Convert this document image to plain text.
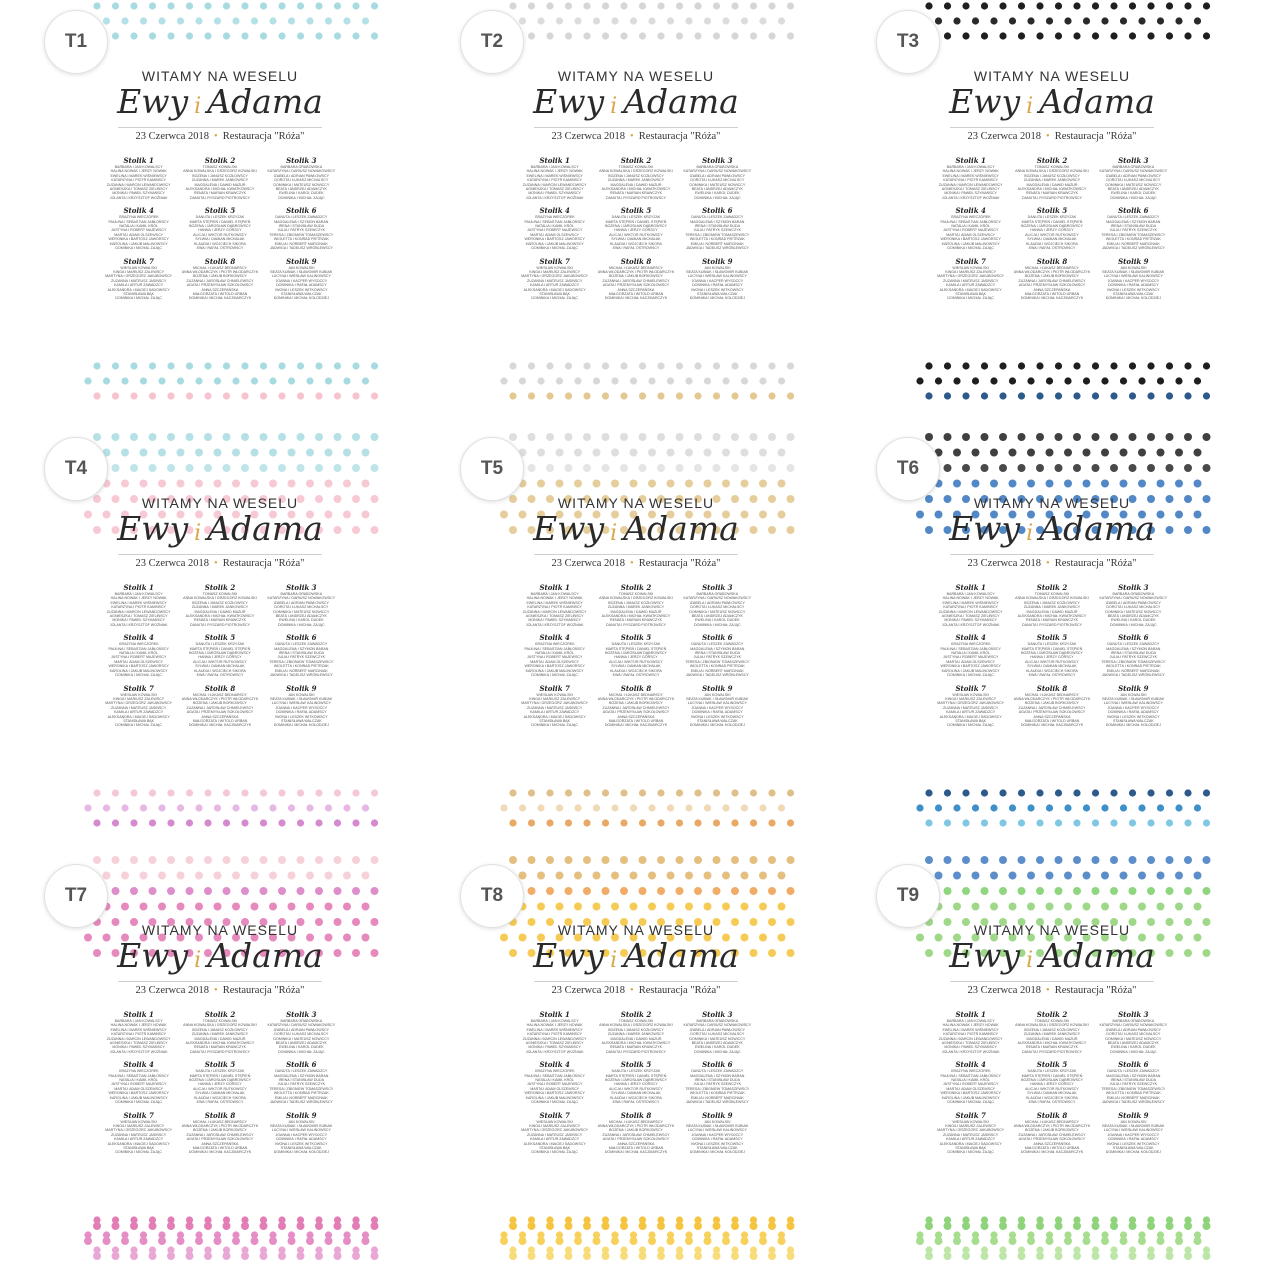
T1
WITAMY NA WESELU
Ewy i Adama
23 Czerwca 2018 • Restauracja "Róża"
Stolik 1
BARBARA I JAN KOWALSCY
HALINA NOWAK I JERZY NOWAK
EWELINA I MAREK WIŚNIEWSCY
KATARZYNA I PIOTR KAMIŃSCY
ZUZANNA I MARCIN LEWANDOWSCY
AGNIESZKA I TOMASZ ZIELIŃSCY
MONIKA I PAWEŁ SZYMAŃSCY
JOLANTA I KRZYSZTOF WOŹNIAK
Stolik 2
TOMASZ KOWALSKI
ANNA KOWALSKA I GRZEGORZ KOWALSKI
BOŻENA I JANUSZ KOZŁOWSCY
ZUZANNA I MAREK JANKOWSCY
MAGDALENA I DAWID MAZUR
ALEKSANDRA I MICHAŁ KWIATKOWSCY
RENATA I MARIAN KRAWCZYK
DANUTA I RYSZARD PIOTROWSCY
Stolik 3
BARBARA GRABOWSKA
KATARZYNA I DARIUSZ NOWAKOWSCY
IZABELA I ADRIAN PAWŁOWSCY
DOROTA I ŁUKASZ MICHALSCY
DOMINIKA I MATEUSZ NOWICCY
BEATA I ANDRZEJ ADAMCZYK
EWELINA I KAROL DUDEK
DOMINIKA I MICHAŁ ZAJĄC
Stolik 4
GRAŻYNA WIECZOREK
PAULINA I SEBASTIAN JABŁOŃSCY
NATALIA I KAMIL KRÓL
JUSTYNA I ROBERT MAJEWSCY
MARTA I ADAM OLSZEWSCY
WERONIKA I BARTOSZ JAWORSCY
KAROLINA I JAKUB MALINOWSCY
DOMINIKA I MICHAŁ ZAJĄC
Stolik 5
DANUTA I LESZEK KRZYŻAK
MARTA STĘPIEŃ I DANIEL STĘPIEŃ
BOŻENA I JAROSŁAW DĄBROWSCY
HANNA I JERZY GÓRSCY
ALICJA I WIKTOR RUTKOWSCY
SYLWIA I DAMIAN MICHALAK
KLAUDIA I WOJCIECH SIKORA
EWA I RAFAŁ OSTROWSCY
Stolik 6
DANUTA I LESZEK ZAWADZCY
MAGDALENA I SZYMON BARAN
IRENA I STANISŁAW DUDA
JULIA I PATRYK SZEWCZYK
TERESA I ZBIGNIEW TOMASZEWSCY
WIOLETTA I KONRAD PIETRZAK
EMILIA I NORBERT MARCINIAK
JADWIGA I TADEUSZ WRÓBLEWSCY
Stolik 7
WIESŁAW KOWALSKI
KINGA I MARIUSZ ZALEWSCY
MARTYNA I GRZEGORZ JAKUBOWSCY
ZUZANNA I MATEUSZ JASIŃSCY
KAMILA I ARTUR ZAWADZCY
ALEKSANDRA I MACIEJ SADOWSCY
STANISŁAWA BĄK
DOMINIKA I MICHAŁ ZAJĄC
Stolik 8
MICHAŁ I ŁUKASZ BEDNARSCY
ANNA WŁODARCZYK I PIOTR WŁODARCZYK
BOŻENA I JAKUB BORKOWSCY
ZUZANNA I JAROSŁAW CHMIELEWSCY
AGATA I PRZEMYSŁAW SOKOŁOWSCY
ANNA SZCZEPAŃSKA
MAŁGORZATA I WITOLD URBAN
DOMINIKA I MICHAŁ KACZMARCZYK
Stolik 9
JAN KOWALSKI
BEATA KUBIAK I SŁAWOMIR KUBIAK
LUCYNA I WIESŁAW KALINOWSCY
JOANNA I KACPER WYSOCCY
DOMINIKA I RAFAŁ ADAMSCY
IWONA I LESZEK WITKOWSCY
STANISŁAWA WALCZAK
DOMINIKA I MICHAŁ KOŁODZIEJ
T2
WITAMY NA WESELU
Ewy i Adama
23 Czerwca 2018 • Restauracja "Róża"
Stolik 1
BARBARA I JAN KOWALSCY
HALINA NOWAK I JERZY NOWAK
EWELINA I MAREK WIŚNIEWSCY
KATARZYNA I PIOTR KAMIŃSCY
ZUZANNA I MARCIN LEWANDOWSCY
AGNIESZKA I TOMASZ ZIELIŃSCY
MONIKA I PAWEŁ SZYMAŃSCY
JOLANTA I KRZYSZTOF WOŹNIAK
Stolik 2
TOMASZ KOWALSKI
ANNA KOWALSKA I GRZEGORZ KOWALSKI
BOŻENA I JANUSZ KOZŁOWSCY
ZUZANNA I MAREK JANKOWSCY
MAGDALENA I DAWID MAZUR
ALEKSANDRA I MICHAŁ KWIATKOWSCY
RENATA I MARIAN KRAWCZYK
DANUTA I RYSZARD PIOTROWSCY
Stolik 3
BARBARA GRABOWSKA
KATARZYNA I DARIUSZ NOWAKOWSCY
IZABELA I ADRIAN PAWŁOWSCY
DOROTA I ŁUKASZ MICHALSCY
DOMINIKA I MATEUSZ NOWICCY
BEATA I ANDRZEJ ADAMCZYK
EWELINA I KAROL DUDEK
DOMINIKA I MICHAŁ ZAJĄC
Stolik 4
GRAŻYNA WIECZOREK
PAULINA I SEBASTIAN JABŁOŃSCY
NATALIA I KAMIL KRÓL
JUSTYNA I ROBERT MAJEWSCY
MARTA I ADAM OLSZEWSCY
WERONIKA I BARTOSZ JAWORSCY
KAROLINA I JAKUB MALINOWSCY
DOMINIKA I MICHAŁ ZAJĄC
Stolik 5
DANUTA I LESZEK KRZYŻAK
MARTA STĘPIEŃ I DANIEL STĘPIEŃ
BOŻENA I JAROSŁAW DĄBROWSCY
HANNA I JERZY GÓRSCY
ALICJA I WIKTOR RUTKOWSCY
SYLWIA I DAMIAN MICHALAK
KLAUDIA I WOJCIECH SIKORA
EWA I RAFAŁ OSTROWSCY
Stolik 6
DANUTA I LESZEK ZAWADZCY
MAGDALENA I SZYMON BARAN
IRENA I STANISŁAW DUDA
JULIA I PATRYK SZEWCZYK
TERESA I ZBIGNIEW TOMASZEWSCY
WIOLETTA I KONRAD PIETRZAK
EMILIA I NORBERT MARCINIAK
JADWIGA I TADEUSZ WRÓBLEWSCY
Stolik 7
WIESŁAW KOWALSKI
KINGA I MARIUSZ ZALEWSCY
MARTYNA I GRZEGORZ JAKUBOWSCY
ZUZANNA I MATEUSZ JASIŃSCY
KAMILA I ARTUR ZAWADZCY
ALEKSANDRA I MACIEJ SADOWSCY
STANISŁAWA BĄK
DOMINIKA I MICHAŁ ZAJĄC
Stolik 8
MICHAŁ I ŁUKASZ BEDNARSCY
ANNA WŁODARCZYK I PIOTR WŁODARCZYK
BOŻENA I JAKUB BORKOWSCY
ZUZANNA I JAROSŁAW CHMIELEWSCY
AGATA I PRZEMYSŁAW SOKOŁOWSCY
ANNA SZCZEPAŃSKA
MAŁGORZATA I WITOLD URBAN
DOMINIKA I MICHAŁ KACZMARCZYK
Stolik 9
JAN KOWALSKI
BEATA KUBIAK I SŁAWOMIR KUBIAK
LUCYNA I WIESŁAW KALINOWSCY
JOANNA I KACPER WYSOCCY
DOMINIKA I RAFAŁ ADAMSCY
IWONA I LESZEK WITKOWSCY
STANISŁAWA WALCZAK
DOMINIKA I MICHAŁ KOŁODZIEJ
T3
WITAMY NA WESELU
Ewy i Adama
23 Czerwca 2018 • Restauracja "Róża"
Stolik 1
BARBARA I JAN KOWALSCY
HALINA NOWAK I JERZY NOWAK
EWELINA I MAREK WIŚNIEWSCY
KATARZYNA I PIOTR KAMIŃSCY
ZUZANNA I MARCIN LEWANDOWSCY
AGNIESZKA I TOMASZ ZIELIŃSCY
MONIKA I PAWEŁ SZYMAŃSCY
JOLANTA I KRZYSZTOF WOŹNIAK
Stolik 2
TOMASZ KOWALSKI
ANNA KOWALSKA I GRZEGORZ KOWALSKI
BOŻENA I JANUSZ KOZŁOWSCY
ZUZANNA I MAREK JANKOWSCY
MAGDALENA I DAWID MAZUR
ALEKSANDRA I MICHAŁ KWIATKOWSCY
RENATA I MARIAN KRAWCZYK
DANUTA I RYSZARD PIOTROWSCY
Stolik 3
BARBARA GRABOWSKA
KATARZYNA I DARIUSZ NOWAKOWSCY
IZABELA I ADRIAN PAWŁOWSCY
DOROTA I ŁUKASZ MICHALSCY
DOMINIKA I MATEUSZ NOWICCY
BEATA I ANDRZEJ ADAMCZYK
EWELINA I KAROL DUDEK
DOMINIKA I MICHAŁ ZAJĄC
Stolik 4
GRAŻYNA WIECZOREK
PAULINA I SEBASTIAN JABŁOŃSCY
NATALIA I KAMIL KRÓL
JUSTYNA I ROBERT MAJEWSCY
MARTA I ADAM OLSZEWSCY
WERONIKA I BARTOSZ JAWORSCY
KAROLINA I JAKUB MALINOWSCY
DOMINIKA I MICHAŁ ZAJĄC
Stolik 5
DANUTA I LESZEK KRZYŻAK
MARTA STĘPIEŃ I DANIEL STĘPIEŃ
BOŻENA I JAROSŁAW DĄBROWSCY
HANNA I JERZY GÓRSCY
ALICJA I WIKTOR RUTKOWSCY
SYLWIA I DAMIAN MICHALAK
KLAUDIA I WOJCIECH SIKORA
EWA I RAFAŁ OSTROWSCY
Stolik 6
DANUTA I LESZEK ZAWADZCY
MAGDALENA I SZYMON BARAN
IRENA I STANISŁAW DUDA
JULIA I PATRYK SZEWCZYK
TERESA I ZBIGNIEW TOMASZEWSCY
WIOLETTA I KONRAD PIETRZAK
EMILIA I NORBERT MARCINIAK
JADWIGA I TADEUSZ WRÓBLEWSCY
Stolik 7
WIESŁAW KOWALSKI
KINGA I MARIUSZ ZALEWSCY
MARTYNA I GRZEGORZ JAKUBOWSCY
ZUZANNA I MATEUSZ JASIŃSCY
KAMILA I ARTUR ZAWADZCY
ALEKSANDRA I MACIEJ SADOWSCY
STANISŁAWA BĄK
DOMINIKA I MICHAŁ ZAJĄC
Stolik 8
MICHAŁ I ŁUKASZ BEDNARSCY
ANNA WŁODARCZYK I PIOTR WŁODARCZYK
BOŻENA I JAKUB BORKOWSCY
ZUZANNA I JAROSŁAW CHMIELEWSCY
AGATA I PRZEMYSŁAW SOKOŁOWSCY
ANNA SZCZEPAŃSKA
MAŁGORZATA I WITOLD URBAN
DOMINIKA I MICHAŁ KACZMARCZYK
Stolik 9
JAN KOWALSKI
BEATA KUBIAK I SŁAWOMIR KUBIAK
LUCYNA I WIESŁAW KALINOWSCY
JOANNA I KACPER WYSOCCY
DOMINIKA I RAFAŁ ADAMSCY
IWONA I LESZEK WITKOWSCY
STANISŁAWA WALCZAK
DOMINIKA I MICHAŁ KOŁODZIEJ
T4
WITAMY NA WESELU
Ewy i Adama
23 Czerwca 2018 • Restauracja "Róża"
Stolik 1
BARBARA I JAN KOWALSCY
HALINA NOWAK I JERZY NOWAK
EWELINA I MAREK WIŚNIEWSCY
KATARZYNA I PIOTR KAMIŃSCY
ZUZANNA I MARCIN LEWANDOWSCY
AGNIESZKA I TOMASZ ZIELIŃSCY
MONIKA I PAWEŁ SZYMAŃSCY
JOLANTA I KRZYSZTOF WOŹNIAK
Stolik 2
TOMASZ KOWALSKI
ANNA KOWALSKA I GRZEGORZ KOWALSKI
BOŻENA I JANUSZ KOZŁOWSCY
ZUZANNA I MAREK JANKOWSCY
MAGDALENA I DAWID MAZUR
ALEKSANDRA I MICHAŁ KWIATKOWSCY
RENATA I MARIAN KRAWCZYK
DANUTA I RYSZARD PIOTROWSCY
Stolik 3
BARBARA GRABOWSKA
KATARZYNA I DARIUSZ NOWAKOWSCY
IZABELA I ADRIAN PAWŁOWSCY
DOROTA I ŁUKASZ MICHALSCY
DOMINIKA I MATEUSZ NOWICCY
BEATA I ANDRZEJ ADAMCZYK
EWELINA I KAROL DUDEK
DOMINIKA I MICHAŁ ZAJĄC
Stolik 4
GRAŻYNA WIECZOREK
PAULINA I SEBASTIAN JABŁOŃSCY
NATALIA I KAMIL KRÓL
JUSTYNA I ROBERT MAJEWSCY
MARTA I ADAM OLSZEWSCY
WERONIKA I BARTOSZ JAWORSCY
KAROLINA I JAKUB MALINOWSCY
DOMINIKA I MICHAŁ ZAJĄC
Stolik 5
DANUTA I LESZEK KRZYŻAK
MARTA STĘPIEŃ I DANIEL STĘPIEŃ
BOŻENA I JAROSŁAW DĄBROWSCY
HANNA I JERZY GÓRSCY
ALICJA I WIKTOR RUTKOWSCY
SYLWIA I DAMIAN MICHALAK
KLAUDIA I WOJCIECH SIKORA
EWA I RAFAŁ OSTROWSCY
Stolik 6
DANUTA I LESZEK ZAWADZCY
MAGDALENA I SZYMON BARAN
IRENA I STANISŁAW DUDA
JULIA I PATRYK SZEWCZYK
TERESA I ZBIGNIEW TOMASZEWSCY
WIOLETTA I KONRAD PIETRZAK
EMILIA I NORBERT MARCINIAK
JADWIGA I TADEUSZ WRÓBLEWSCY
Stolik 7
WIESŁAW KOWALSKI
KINGA I MARIUSZ ZALEWSCY
MARTYNA I GRZEGORZ JAKUBOWSCY
ZUZANNA I MATEUSZ JASIŃSCY
KAMILA I ARTUR ZAWADZCY
ALEKSANDRA I MACIEJ SADOWSCY
STANISŁAWA BĄK
DOMINIKA I MICHAŁ ZAJĄC
Stolik 8
MICHAŁ I ŁUKASZ BEDNARSCY
ANNA WŁODARCZYK I PIOTR WŁODARCZYK
BOŻENA I JAKUB BORKOWSCY
ZUZANNA I JAROSŁAW CHMIELEWSCY
AGATA I PRZEMYSŁAW SOKOŁOWSCY
ANNA SZCZEPAŃSKA
MAŁGORZATA I WITOLD URBAN
DOMINIKA I MICHAŁ KACZMARCZYK
Stolik 9
JAN KOWALSKI
BEATA KUBIAK I SŁAWOMIR KUBIAK
LUCYNA I WIESŁAW KALINOWSCY
JOANNA I KACPER WYSOCCY
DOMINIKA I RAFAŁ ADAMSCY
IWONA I LESZEK WITKOWSCY
STANISŁAWA WALCZAK
DOMINIKA I MICHAŁ KOŁODZIEJ
T5
WITAMY NA WESELU
Ewy i Adama
23 Czerwca 2018 • Restauracja "Róża"
Stolik 1
BARBARA I JAN KOWALSCY
HALINA NOWAK I JERZY NOWAK
EWELINA I MAREK WIŚNIEWSCY
KATARZYNA I PIOTR KAMIŃSCY
ZUZANNA I MARCIN LEWANDOWSCY
AGNIESZKA I TOMASZ ZIELIŃSCY
MONIKA I PAWEŁ SZYMAŃSCY
JOLANTA I KRZYSZTOF WOŹNIAK
Stolik 2
TOMASZ KOWALSKI
ANNA KOWALSKA I GRZEGORZ KOWALSKI
BOŻENA I JANUSZ KOZŁOWSCY
ZUZANNA I MAREK JANKOWSCY
MAGDALENA I DAWID MAZUR
ALEKSANDRA I MICHAŁ KWIATKOWSCY
RENATA I MARIAN KRAWCZYK
DANUTA I RYSZARD PIOTROWSCY
Stolik 3
BARBARA GRABOWSKA
KATARZYNA I DARIUSZ NOWAKOWSCY
IZABELA I ADRIAN PAWŁOWSCY
DOROTA I ŁUKASZ MICHALSCY
DOMINIKA I MATEUSZ NOWICCY
BEATA I ANDRZEJ ADAMCZYK
EWELINA I KAROL DUDEK
DOMINIKA I MICHAŁ ZAJĄC
Stolik 4
GRAŻYNA WIECZOREK
PAULINA I SEBASTIAN JABŁOŃSCY
NATALIA I KAMIL KRÓL
JUSTYNA I ROBERT MAJEWSCY
MARTA I ADAM OLSZEWSCY
WERONIKA I BARTOSZ JAWORSCY
KAROLINA I JAKUB MALINOWSCY
DOMINIKA I MICHAŁ ZAJĄC
Stolik 5
DANUTA I LESZEK KRZYŻAK
MARTA STĘPIEŃ I DANIEL STĘPIEŃ
BOŻENA I JAROSŁAW DĄBROWSCY
HANNA I JERZY GÓRSCY
ALICJA I WIKTOR RUTKOWSCY
SYLWIA I DAMIAN MICHALAK
KLAUDIA I WOJCIECH SIKORA
EWA I RAFAŁ OSTROWSCY
Stolik 6
DANUTA I LESZEK ZAWADZCY
MAGDALENA I SZYMON BARAN
IRENA I STANISŁAW DUDA
JULIA I PATRYK SZEWCZYK
TERESA I ZBIGNIEW TOMASZEWSCY
WIOLETTA I KONRAD PIETRZAK
EMILIA I NORBERT MARCINIAK
JADWIGA I TADEUSZ WRÓBLEWSCY
Stolik 7
WIESŁAW KOWALSKI
KINGA I MARIUSZ ZALEWSCY
MARTYNA I GRZEGORZ JAKUBOWSCY
ZUZANNA I MATEUSZ JASIŃSCY
KAMILA I ARTUR ZAWADZCY
ALEKSANDRA I MACIEJ SADOWSCY
STANISŁAWA BĄK
DOMINIKA I MICHAŁ ZAJĄC
Stolik 8
MICHAŁ I ŁUKASZ BEDNARSCY
ANNA WŁODARCZYK I PIOTR WŁODARCZYK
BOŻENA I JAKUB BORKOWSCY
ZUZANNA I JAROSŁAW CHMIELEWSCY
AGATA I PRZEMYSŁAW SOKOŁOWSCY
ANNA SZCZEPAŃSKA
MAŁGORZATA I WITOLD URBAN
DOMINIKA I MICHAŁ KACZMARCZYK
Stolik 9
JAN KOWALSKI
BEATA KUBIAK I SŁAWOMIR KUBIAK
LUCYNA I WIESŁAW KALINOWSCY
JOANNA I KACPER WYSOCCY
DOMINIKA I RAFAŁ ADAMSCY
IWONA I LESZEK WITKOWSCY
STANISŁAWA WALCZAK
DOMINIKA I MICHAŁ KOŁODZIEJ
T6
WITAMY NA WESELU
Ewy i Adama
23 Czerwca 2018 • Restauracja "Róża"
Stolik 1
BARBARA I JAN KOWALSCY
HALINA NOWAK I JERZY NOWAK
EWELINA I MAREK WIŚNIEWSCY
KATARZYNA I PIOTR KAMIŃSCY
ZUZANNA I MARCIN LEWANDOWSCY
AGNIESZKA I TOMASZ ZIELIŃSCY
MONIKA I PAWEŁ SZYMAŃSCY
JOLANTA I KRZYSZTOF WOŹNIAK
Stolik 2
TOMASZ KOWALSKI
ANNA KOWALSKA I GRZEGORZ KOWALSKI
BOŻENA I JANUSZ KOZŁOWSCY
ZUZANNA I MAREK JANKOWSCY
MAGDALENA I DAWID MAZUR
ALEKSANDRA I MICHAŁ KWIATKOWSCY
RENATA I MARIAN KRAWCZYK
DANUTA I RYSZARD PIOTROWSCY
Stolik 3
BARBARA GRABOWSKA
KATARZYNA I DARIUSZ NOWAKOWSCY
IZABELA I ADRIAN PAWŁOWSCY
DOROTA I ŁUKASZ MICHALSCY
DOMINIKA I MATEUSZ NOWICCY
BEATA I ANDRZEJ ADAMCZYK
EWELINA I KAROL DUDEK
DOMINIKA I MICHAŁ ZAJĄC
Stolik 4
GRAŻYNA WIECZOREK
PAULINA I SEBASTIAN JABŁOŃSCY
NATALIA I KAMIL KRÓL
JUSTYNA I ROBERT MAJEWSCY
MARTA I ADAM OLSZEWSCY
WERONIKA I BARTOSZ JAWORSCY
KAROLINA I JAKUB MALINOWSCY
DOMINIKA I MICHAŁ ZAJĄC
Stolik 5
DANUTA I LESZEK KRZYŻAK
MARTA STĘPIEŃ I DANIEL STĘPIEŃ
BOŻENA I JAROSŁAW DĄBROWSCY
HANNA I JERZY GÓRSCY
ALICJA I WIKTOR RUTKOWSCY
SYLWIA I DAMIAN MICHALAK
KLAUDIA I WOJCIECH SIKORA
EWA I RAFAŁ OSTROWSCY
Stolik 6
DANUTA I LESZEK ZAWADZCY
MAGDALENA I SZYMON BARAN
IRENA I STANISŁAW DUDA
JULIA I PATRYK SZEWCZYK
TERESA I ZBIGNIEW TOMASZEWSCY
WIOLETTA I KONRAD PIETRZAK
EMILIA I NORBERT MARCINIAK
JADWIGA I TADEUSZ WRÓBLEWSCY
Stolik 7
WIESŁAW KOWALSKI
KINGA I MARIUSZ ZALEWSCY
MARTYNA I GRZEGORZ JAKUBOWSCY
ZUZANNA I MATEUSZ JASIŃSCY
KAMILA I ARTUR ZAWADZCY
ALEKSANDRA I MACIEJ SADOWSCY
STANISŁAWA BĄK
DOMINIKA I MICHAŁ ZAJĄC
Stolik 8
MICHAŁ I ŁUKASZ BEDNARSCY
ANNA WŁODARCZYK I PIOTR WŁODARCZYK
BOŻENA I JAKUB BORKOWSCY
ZUZANNA I JAROSŁAW CHMIELEWSCY
AGATA I PRZEMYSŁAW SOKOŁOWSCY
ANNA SZCZEPAŃSKA
MAŁGORZATA I WITOLD URBAN
DOMINIKA I MICHAŁ KACZMARCZYK
Stolik 9
JAN KOWALSKI
BEATA KUBIAK I SŁAWOMIR KUBIAK
LUCYNA I WIESŁAW KALINOWSCY
JOANNA I KACPER WYSOCCY
DOMINIKA I RAFAŁ ADAMSCY
IWONA I LESZEK WITKOWSCY
STANISŁAWA WALCZAK
DOMINIKA I MICHAŁ KOŁODZIEJ
T7
WITAMY NA WESELU
Ewy i Adama
23 Czerwca 2018 • Restauracja "Róża"
Stolik 1
BARBARA I JAN KOWALSCY
HALINA NOWAK I JERZY NOWAK
EWELINA I MAREK WIŚNIEWSCY
KATARZYNA I PIOTR KAMIŃSCY
ZUZANNA I MARCIN LEWANDOWSCY
AGNIESZKA I TOMASZ ZIELIŃSCY
MONIKA I PAWEŁ SZYMAŃSCY
JOLANTA I KRZYSZTOF WOŹNIAK
Stolik 2
TOMASZ KOWALSKI
ANNA KOWALSKA I GRZEGORZ KOWALSKI
BOŻENA I JANUSZ KOZŁOWSCY
ZUZANNA I MAREK JANKOWSCY
MAGDALENA I DAWID MAZUR
ALEKSANDRA I MICHAŁ KWIATKOWSCY
RENATA I MARIAN KRAWCZYK
DANUTA I RYSZARD PIOTROWSCY
Stolik 3
BARBARA GRABOWSKA
KATARZYNA I DARIUSZ NOWAKOWSCY
IZABELA I ADRIAN PAWŁOWSCY
DOROTA I ŁUKASZ MICHALSCY
DOMINIKA I MATEUSZ NOWICCY
BEATA I ANDRZEJ ADAMCZYK
EWELINA I KAROL DUDEK
DOMINIKA I MICHAŁ ZAJĄC
Stolik 4
GRAŻYNA WIECZOREK
PAULINA I SEBASTIAN JABŁOŃSCY
NATALIA I KAMIL KRÓL
JUSTYNA I ROBERT MAJEWSCY
MARTA I ADAM OLSZEWSCY
WERONIKA I BARTOSZ JAWORSCY
KAROLINA I JAKUB MALINOWSCY
DOMINIKA I MICHAŁ ZAJĄC
Stolik 5
DANUTA I LESZEK KRZYŻAK
MARTA STĘPIEŃ I DANIEL STĘPIEŃ
BOŻENA I JAROSŁAW DĄBROWSCY
HANNA I JERZY GÓRSCY
ALICJA I WIKTOR RUTKOWSCY
SYLWIA I DAMIAN MICHALAK
KLAUDIA I WOJCIECH SIKORA
EWA I RAFAŁ OSTROWSCY
Stolik 6
DANUTA I LESZEK ZAWADZCY
MAGDALENA I SZYMON BARAN
IRENA I STANISŁAW DUDA
JULIA I PATRYK SZEWCZYK
TERESA I ZBIGNIEW TOMASZEWSCY
WIOLETTA I KONRAD PIETRZAK
EMILIA I NORBERT MARCINIAK
JADWIGA I TADEUSZ WRÓBLEWSCY
Stolik 7
WIESŁAW KOWALSKI
KINGA I MARIUSZ ZALEWSCY
MARTYNA I GRZEGORZ JAKUBOWSCY
ZUZANNA I MATEUSZ JASIŃSCY
KAMILA I ARTUR ZAWADZCY
ALEKSANDRA I MACIEJ SADOWSCY
STANISŁAWA BĄK
DOMINIKA I MICHAŁ ZAJĄC
Stolik 8
MICHAŁ I ŁUKASZ BEDNARSCY
ANNA WŁODARCZYK I PIOTR WŁODARCZYK
BOŻENA I JAKUB BORKOWSCY
ZUZANNA I JAROSŁAW CHMIELEWSCY
AGATA I PRZEMYSŁAW SOKOŁOWSCY
ANNA SZCZEPAŃSKA
MAŁGORZATA I WITOLD URBAN
DOMINIKA I MICHAŁ KACZMARCZYK
Stolik 9
JAN KOWALSKI
BEATA KUBIAK I SŁAWOMIR KUBIAK
LUCYNA I WIESŁAW KALINOWSCY
JOANNA I KACPER WYSOCCY
DOMINIKA I RAFAŁ ADAMSCY
IWONA I LESZEK WITKOWSCY
STANISŁAWA WALCZAK
DOMINIKA I MICHAŁ KOŁODZIEJ
T8
WITAMY NA WESELU
Ewy i Adama
23 Czerwca 2018 • Restauracja "Róża"
Stolik 1
BARBARA I JAN KOWALSCY
HALINA NOWAK I JERZY NOWAK
EWELINA I MAREK WIŚNIEWSCY
KATARZYNA I PIOTR KAMIŃSCY
ZUZANNA I MARCIN LEWANDOWSCY
AGNIESZKA I TOMASZ ZIELIŃSCY
MONIKA I PAWEŁ SZYMAŃSCY
JOLANTA I KRZYSZTOF WOŹNIAK
Stolik 2
TOMASZ KOWALSKI
ANNA KOWALSKA I GRZEGORZ KOWALSKI
BOŻENA I JANUSZ KOZŁOWSCY
ZUZANNA I MAREK JANKOWSCY
MAGDALENA I DAWID MAZUR
ALEKSANDRA I MICHAŁ KWIATKOWSCY
RENATA I MARIAN KRAWCZYK
DANUTA I RYSZARD PIOTROWSCY
Stolik 3
BARBARA GRABOWSKA
KATARZYNA I DARIUSZ NOWAKOWSCY
IZABELA I ADRIAN PAWŁOWSCY
DOROTA I ŁUKASZ MICHALSCY
DOMINIKA I MATEUSZ NOWICCY
BEATA I ANDRZEJ ADAMCZYK
EWELINA I KAROL DUDEK
DOMINIKA I MICHAŁ ZAJĄC
Stolik 4
GRAŻYNA WIECZOREK
PAULINA I SEBASTIAN JABŁOŃSCY
NATALIA I KAMIL KRÓL
JUSTYNA I ROBERT MAJEWSCY
MARTA I ADAM OLSZEWSCY
WERONIKA I BARTOSZ JAWORSCY
KAROLINA I JAKUB MALINOWSCY
DOMINIKA I MICHAŁ ZAJĄC
Stolik 5
DANUTA I LESZEK KRZYŻAK
MARTA STĘPIEŃ I DANIEL STĘPIEŃ
BOŻENA I JAROSŁAW DĄBROWSCY
HANNA I JERZY GÓRSCY
ALICJA I WIKTOR RUTKOWSCY
SYLWIA I DAMIAN MICHALAK
KLAUDIA I WOJCIECH SIKORA
EWA I RAFAŁ OSTROWSCY
Stolik 6
DANUTA I LESZEK ZAWADZCY
MAGDALENA I SZYMON BARAN
IRENA I STANISŁAW DUDA
JULIA I PATRYK SZEWCZYK
TERESA I ZBIGNIEW TOMASZEWSCY
WIOLETTA I KONRAD PIETRZAK
EMILIA I NORBERT MARCINIAK
JADWIGA I TADEUSZ WRÓBLEWSCY
Stolik 7
WIESŁAW KOWALSKI
KINGA I MARIUSZ ZALEWSCY
MARTYNA I GRZEGORZ JAKUBOWSCY
ZUZANNA I MATEUSZ JASIŃSCY
KAMILA I ARTUR ZAWADZCY
ALEKSANDRA I MACIEJ SADOWSCY
STANISŁAWA BĄK
DOMINIKA I MICHAŁ ZAJĄC
Stolik 8
MICHAŁ I ŁUKASZ BEDNARSCY
ANNA WŁODARCZYK I PIOTR WŁODARCZYK
BOŻENA I JAKUB BORKOWSCY
ZUZANNA I JAROSŁAW CHMIELEWSCY
AGATA I PRZEMYSŁAW SOKOŁOWSCY
ANNA SZCZEPAŃSKA
MAŁGORZATA I WITOLD URBAN
DOMINIKA I MICHAŁ KACZMARCZYK
Stolik 9
JAN KOWALSKI
BEATA KUBIAK I SŁAWOMIR KUBIAK
LUCYNA I WIESŁAW KALINOWSCY
JOANNA I KACPER WYSOCCY
DOMINIKA I RAFAŁ ADAMSCY
IWONA I LESZEK WITKOWSCY
STANISŁAWA WALCZAK
DOMINIKA I MICHAŁ KOŁODZIEJ
T9
WITAMY NA WESELU
Ewy i Adama
23 Czerwca 2018 • Restauracja "Róża"
Stolik 1
BARBARA I JAN KOWALSCY
HALINA NOWAK I JERZY NOWAK
EWELINA I MAREK WIŚNIEWSCY
KATARZYNA I PIOTR KAMIŃSCY
ZUZANNA I MARCIN LEWANDOWSCY
AGNIESZKA I TOMASZ ZIELIŃSCY
MONIKA I PAWEŁ SZYMAŃSCY
JOLANTA I KRZYSZTOF WOŹNIAK
Stolik 2
TOMASZ KOWALSKI
ANNA KOWALSKA I GRZEGORZ KOWALSKI
BOŻENA I JANUSZ KOZŁOWSCY
ZUZANNA I MAREK JANKOWSCY
MAGDALENA I DAWID MAZUR
ALEKSANDRA I MICHAŁ KWIATKOWSCY
RENATA I MARIAN KRAWCZYK
DANUTA I RYSZARD PIOTROWSCY
Stolik 3
BARBARA GRABOWSKA
KATARZYNA I DARIUSZ NOWAKOWSCY
IZABELA I ADRIAN PAWŁOWSCY
DOROTA I ŁUKASZ MICHALSCY
DOMINIKA I MATEUSZ NOWICCY
BEATA I ANDRZEJ ADAMCZYK
EWELINA I KAROL DUDEK
DOMINIKA I MICHAŁ ZAJĄC
Stolik 4
GRAŻYNA WIECZOREK
PAULINA I SEBASTIAN JABŁOŃSCY
NATALIA I KAMIL KRÓL
JUSTYNA I ROBERT MAJEWSCY
MARTA I ADAM OLSZEWSCY
WERONIKA I BARTOSZ JAWORSCY
KAROLINA I JAKUB MALINOWSCY
DOMINIKA I MICHAŁ ZAJĄC
Stolik 5
DANUTA I LESZEK KRZYŻAK
MARTA STĘPIEŃ I DANIEL STĘPIEŃ
BOŻENA I JAROSŁAW DĄBROWSCY
HANNA I JERZY GÓRSCY
ALICJA I WIKTOR RUTKOWSCY
SYLWIA I DAMIAN MICHALAK
KLAUDIA I WOJCIECH SIKORA
EWA I RAFAŁ OSTROWSCY
Stolik 6
DANUTA I LESZEK ZAWADZCY
MAGDALENA I SZYMON BARAN
IRENA I STANISŁAW DUDA
JULIA I PATRYK SZEWCZYK
TERESA I ZBIGNIEW TOMASZEWSCY
WIOLETTA I KONRAD PIETRZAK
EMILIA I NORBERT MARCINIAK
JADWIGA I TADEUSZ WRÓBLEWSCY
Stolik 7
WIESŁAW KOWALSKI
KINGA I MARIUSZ ZALEWSCY
MARTYNA I GRZEGORZ JAKUBOWSCY
ZUZANNA I MATEUSZ JASIŃSCY
KAMILA I ARTUR ZAWADZCY
ALEKSANDRA I MACIEJ SADOWSCY
STANISŁAWA BĄK
DOMINIKA I MICHAŁ ZAJĄC
Stolik 8
MICHAŁ I ŁUKASZ BEDNARSCY
ANNA WŁODARCZYK I PIOTR WŁODARCZYK
BOŻENA I JAKUB BORKOWSCY
ZUZANNA I JAROSŁAW CHMIELEWSCY
AGATA I PRZEMYSŁAW SOKOŁOWSCY
ANNA SZCZEPAŃSKA
MAŁGORZATA I WITOLD URBAN
DOMINIKA I MICHAŁ KACZMARCZYK
Stolik 9
JAN KOWALSKI
BEATA KUBIAK I SŁAWOMIR KUBIAK
LUCYNA I WIESŁAW KALINOWSCY
JOANNA I KACPER WYSOCCY
DOMINIKA I RAFAŁ ADAMSCY
IWONA I LESZEK WITKOWSCY
STANISŁAWA WALCZAK
DOMINIKA I MICHAŁ KOŁODZIEJ
